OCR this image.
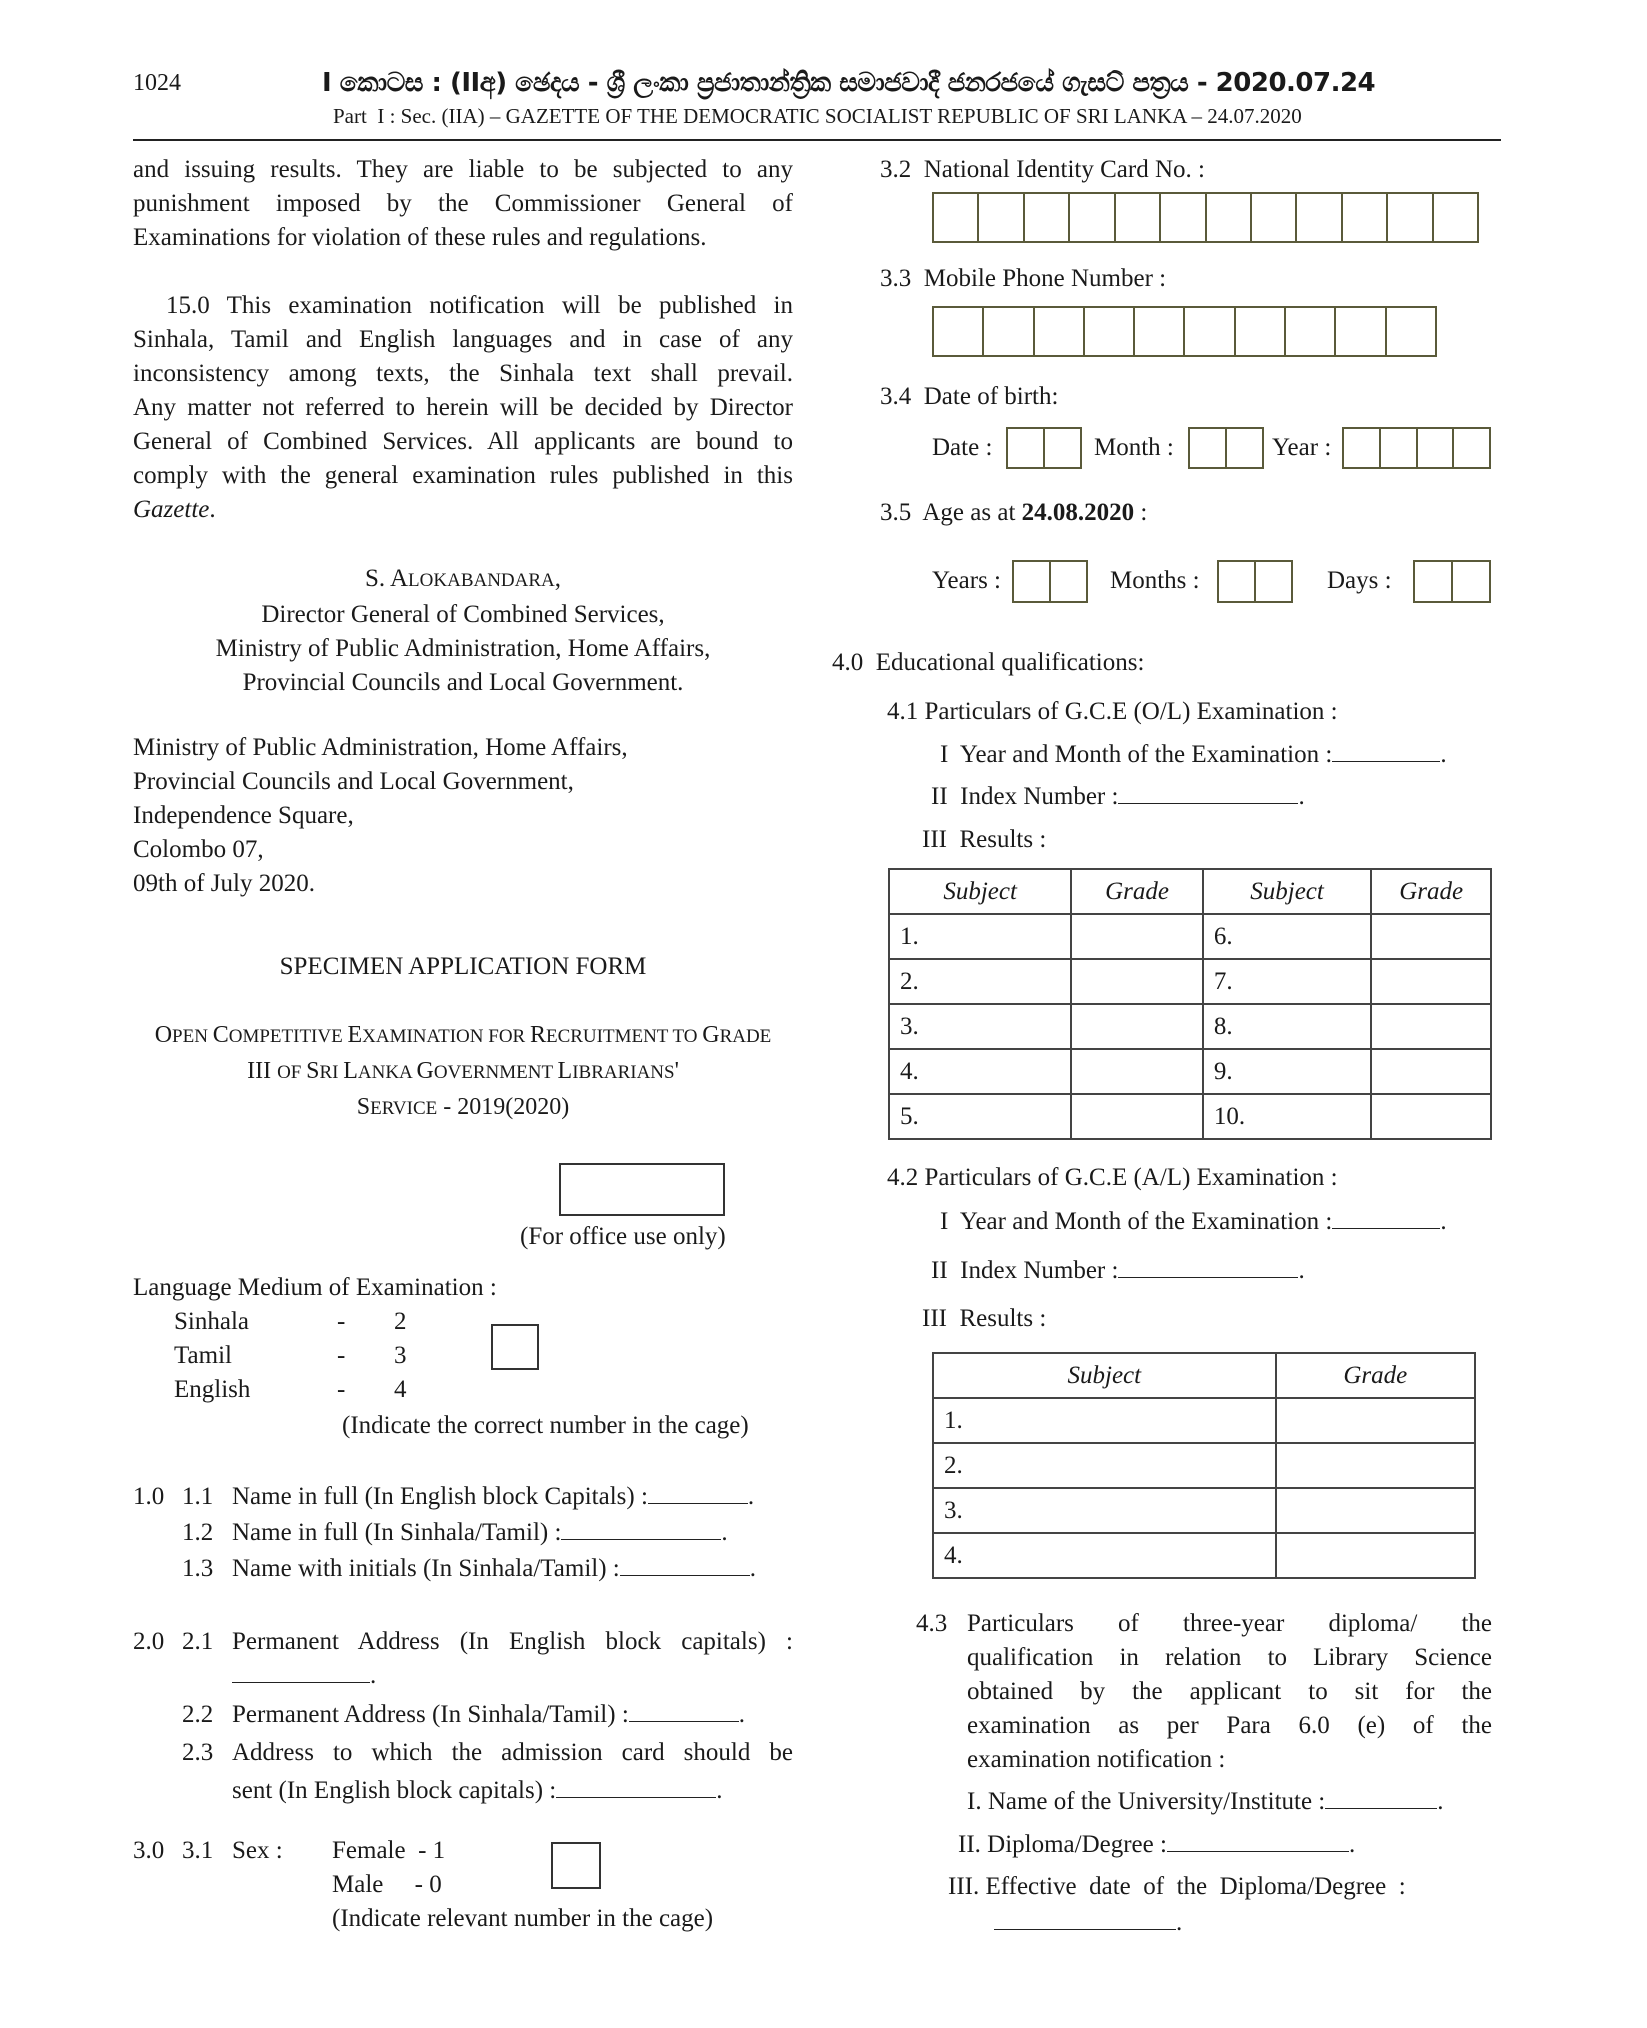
1024	I කොටස : (IIඅ) ඡෙදය - ශ්‍රී ලංකා ප්‍රජාතාන්ත්‍රික සමාජවාදී ජනරජයේ ගැසට් පත්‍රය - 2020.07.24
Part I : Sec. (IIA) – GAZETTE OF THE DEMOCRATIC SOCIALIST REPUBLIC OF SRI LANKA – 24.07.2020
and issuing results. They are liable to be subjected to any
punishment imposed by the Commissioner General of
Examinations for violation of these rules and regulations.
15.0 This examination notification will be published in
Sinhala, Tamil and English languages and in case of any
inconsistency among texts, the Sinhala text shall prevail.
Any matter not referred to herein will be decided by Director
General of Combined Services. All applicants are bound to
comply with the general examination rules published in this
Gazette.
S. ALOKABANDARA,
Director General of Combined Services,
Ministry of Public Administration, Home Affairs,
Provincial Councils and Local Government.
Ministry of Public Administration, Home Affairs,
Provincial Councils and Local Government,
Independence Square,
Colombo 07,
09th of July 2020.
SPECIMEN APPLICATION FORM
OPEN COMPETITIVE EXAMINATION FOR RECRUITMENT TO GRADE
III OF SRI LANKA GOVERNMENT LIBRARIANS'
SERVICE - 2019(2020)
(For office use only)
Language Medium of Examination :
Sinhala	- 2
Tamil	- 3
English	- 4
(Indicate the correct number in the cage)
1.0 1.1 Name in full (In English block Capitals) :	.
1.2 Name in full (In Sinhala/Tamil) :	.
1.3 Name with initials (In Sinhala/Tamil) :	.
2.0 2.1 Permanent Address (In English block capitals) :
.
2.2 Permanent Address (In Sinhala/Tamil) :	.
2.3 Address to which the admission card should be
sent (In English block capitals) :	.
3.0 3.1 Sex : Female  - 1
Male     - 0
(Indicate relevant number in the cage)
3.2  National Identity Card No. :
3.3  Mobile Phone Number :
3.4  Date of birth:
Date :	Month :	Year :
3.5  Age as at 24.08.2020 :
Years :	Months :	Days :
4.0  Educational qualifications:
4.1 Particulars of G.C.E (O/L) Examination :
I  Year and Month of the Examination :	.
II  Index Number :	.
III  Results :
Subject	Grade	Subject	Grade
1.		6.	
2.		7.	
3.		8.	
4.		9.	
5.		10.	
4.2 Particulars of G.C.E (A/L) Examination :
I  Year and Month of the Examination :	.
II  Index Number :	.
III  Results :
Subject	Grade
1.	
2.	
3.	
4.	
4.3 Particulars   of   three-year   diploma/   the
qualification in relation to Library Science
obtained by the applicant to sit for the
examination as per Para 6.0 (e) of the
examination notification :
I. Name of the University/Institute :	.
II. Diploma/Degree :	.
III. Effective  date  of  the  Diploma/Degree  :
.
